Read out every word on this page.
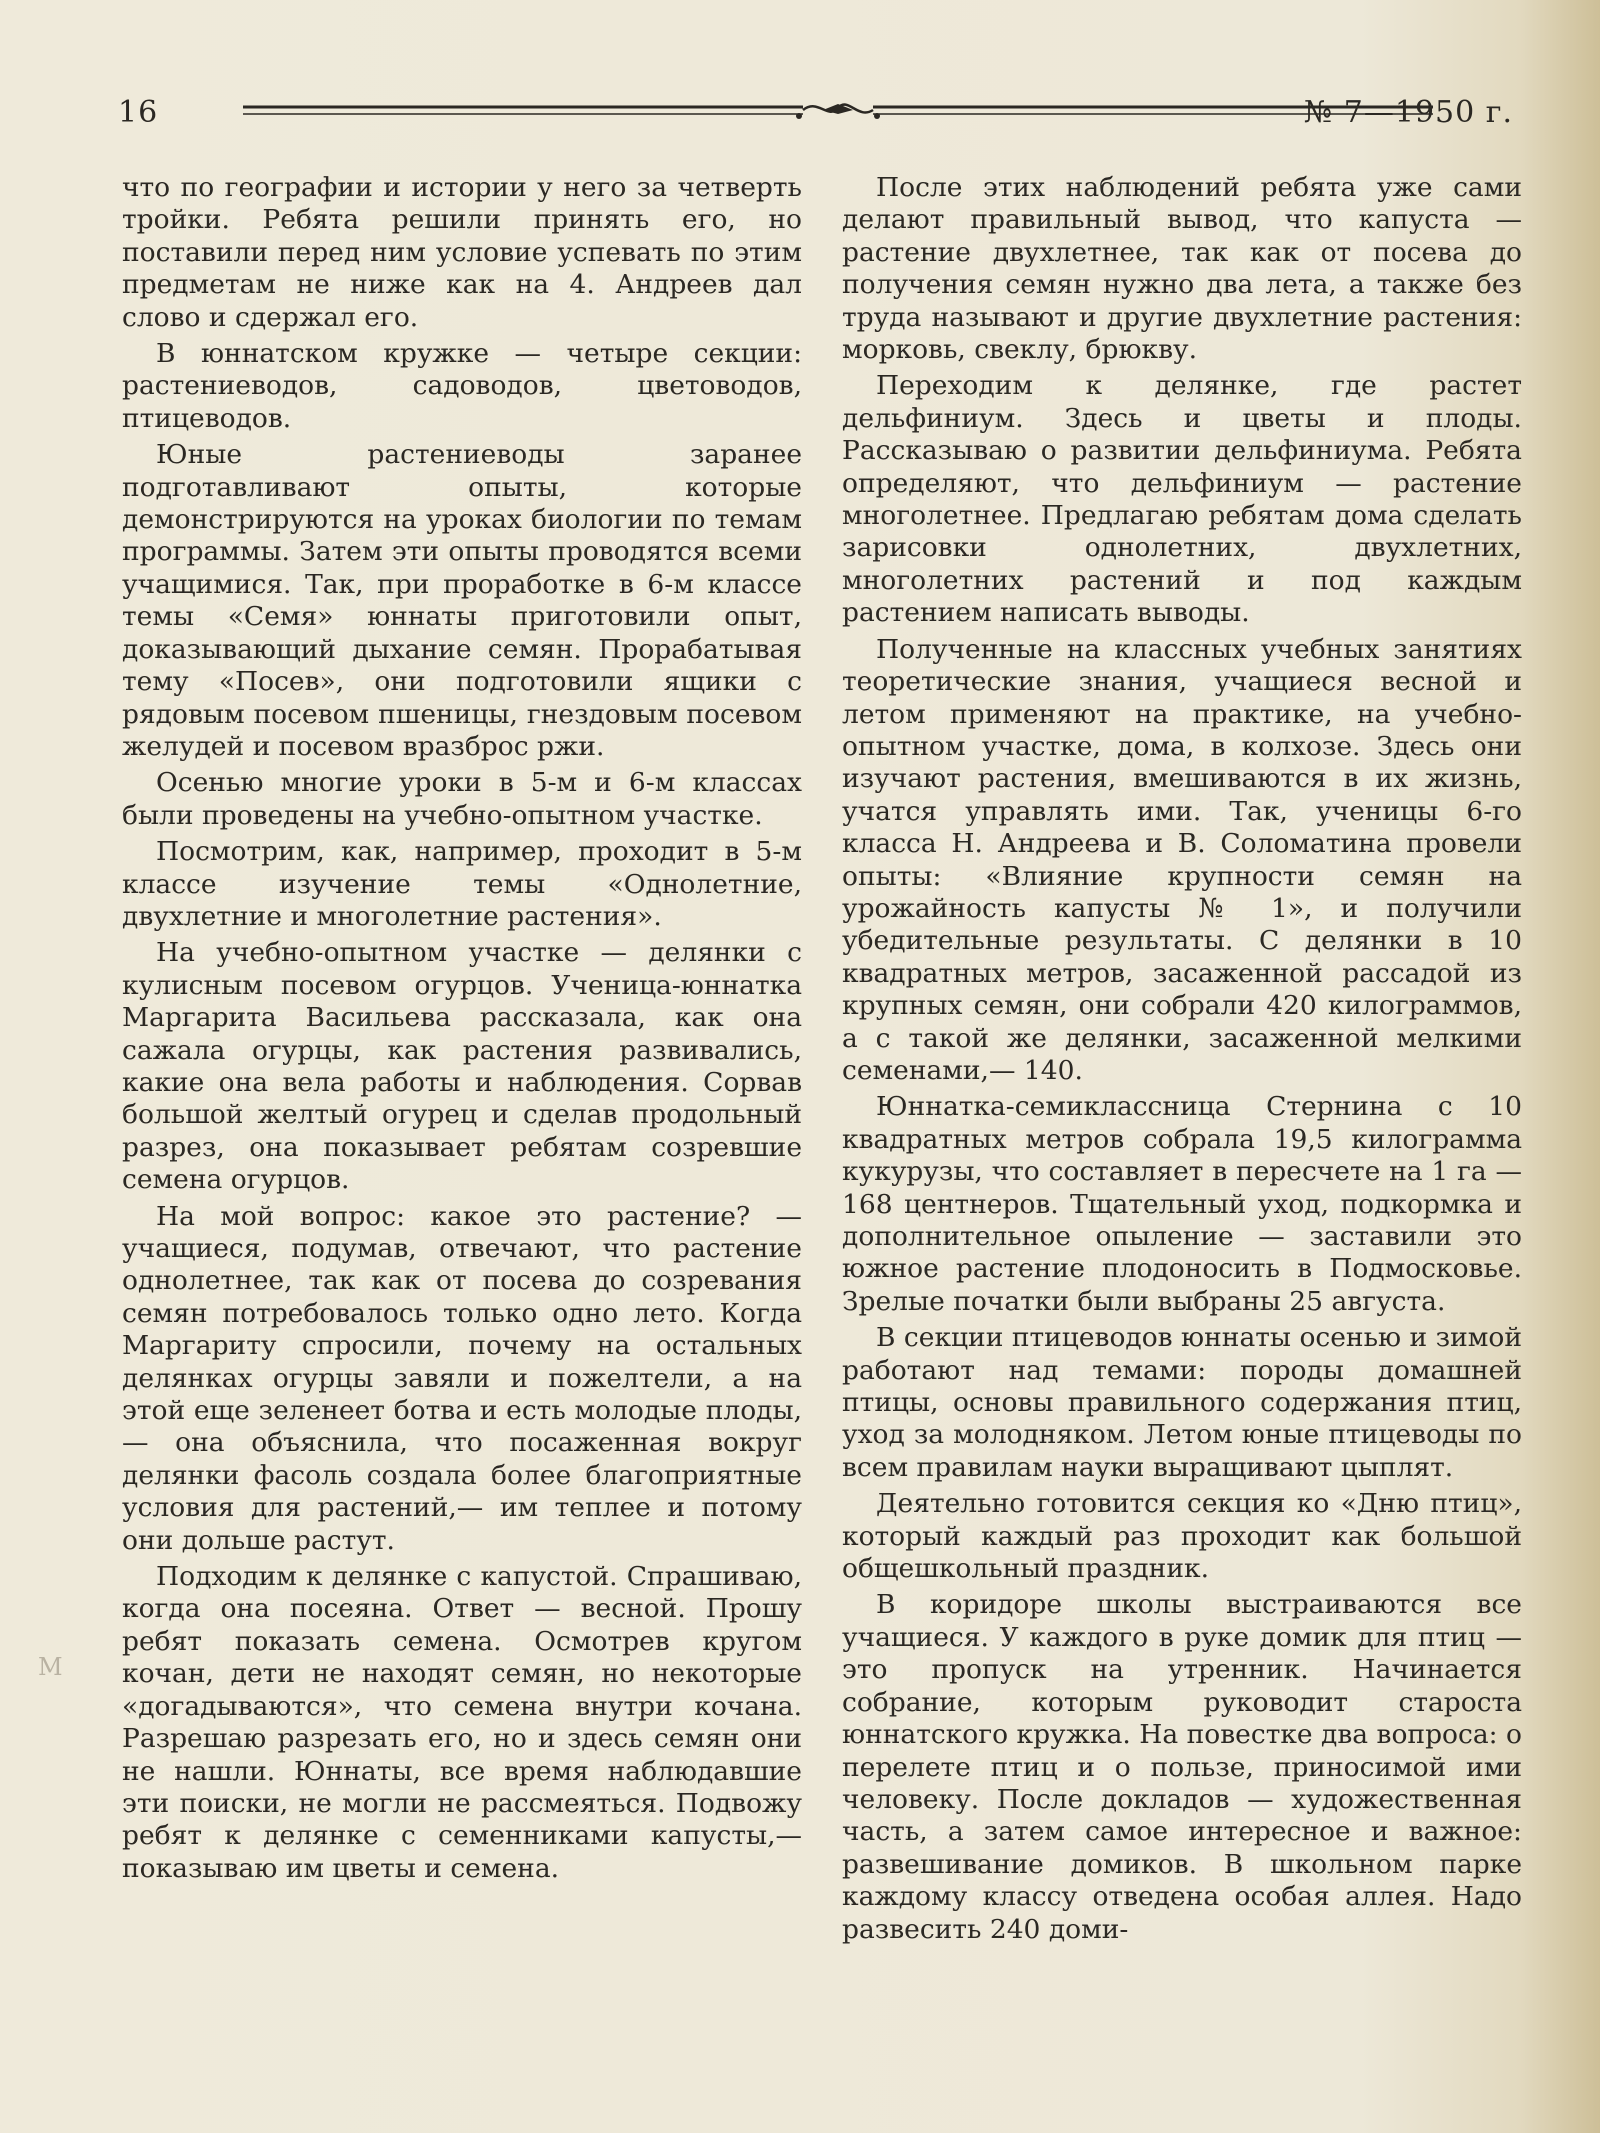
16	№ 7—1950 г.

что по географии и истории у него за четверть тройки. Ребята решили принять его, но поставили перед ним условие успевать по этим предметам не ниже как на 4. Андреев дал слово и сдержал его.

В юннатском кружке — четыре секции: растениеводов, садоводов, цветоводов, птицеводов.

Юные растениеводы заранее подготавливают опыты, которые демонстрируются на уроках биологии по темам программы. Затем эти опыты проводятся всеми учащимися. Так, при проработке в 6-м классе темы «Семя» юннаты приготовили опыт, доказывающий дыхание семян. Прорабатывая тему «Посев», они подготовили ящики с рядовым посевом пшеницы, гнездовым посевом желудей и посевом вразброс ржи.

Осенью многие уроки в 5-м и 6-м классах были проведены на учебно-опытном участке.

Посмотрим, как, например, проходит в 5-м классе изучение темы «Однолетние, двухлетние и многолетние растения».

На учебно-опытном участке — делянки с кулисным посевом огурцов. Ученица-юннатка Маргарита Васильева рассказала, как она сажала огурцы, как растения развивались, какие она вела работы и наблюдения. Сорвав большой желтый огурец и сделав продольный разрез, она показывает ребятам созревшие семена огурцов.

На мой вопрос: какое это растение? — учащиеся, подумав, отвечают, что растение однолетнее, так как от посева до созревания семян потребовалось только одно лето. Когда Маргариту спросили, почему на остальных делянках огурцы завяли и пожелтели, а на этой еще зеленеет ботва и есть молодые плоды,— она объяснила, что посаженная вокруг делянки фасоль создала более благоприятные условия для растений,— им теплее и потому они дольше растут.

Подходим к делянке с капустой. Спрашиваю, когда она посеяна. Ответ — весной. Прошу ребят показать семена. Осмотрев кругом кочан, дети не находят семян, но некоторые «догадываются», что семена внутри кочана. Разрешаю разрезать его, но и здесь семян они не нашли. Юннаты, все время наблюдавшие эти поиски, не могли не рассмеяться. Подвожу ребят к делянке с семенниками капусты,— показываю им цветы и семена.

После этих наблюдений ребята уже сами делают правильный вывод, что капуста — растение двухлетнее, так как от посева до получения семян нужно два лета, а также без труда называют и другие двухлетние растения: морковь, свеклу, брюкву.

Переходим к делянке, где растет дельфиниум. Здесь и цветы и плоды. Рассказываю о развитии дельфиниума. Ребята определяют, что дельфиниум — растение многолетнее. Предлагаю ребятам дома сделать зарисовки однолетних, двухлетних, многолетних растений и под каждым растением написать выводы.

Полученные на классных учебных занятиях теоретические знания, учащиеся весной и летом применяют на практике, на учебно-опытном участке, дома, в колхозе. Здесь они изучают растения, вмешиваются в их жизнь, учатся управлять ими. Так, ученицы 6-го класса Н. Андреева и В. Соломатина провели опыты: «Влияние крупности семян на урожайность капусты № 1», и получили убедительные результаты. С делянки в 10 квадратных метров, засаженной рассадой из крупных семян, они собрали 420 килограммов, а с такой же делянки, засаженной мелкими семенами,— 140.

Юннатка-семиклассница Стернина с 10 квадратных метров собрала 19,5 килограмма кукурузы, что составляет в пересчете на 1 га — 168 центнеров. Тщательный уход, подкормка и дополнительное опыление — заставили это южное растение плодоносить в Подмосковье. Зрелые початки были выбраны 25 августа.

В секции птицеводов юннаты осенью и зимой работают над темами: породы домашней птицы, основы правильного содержания птиц, уход за молодняком. Летом юные птицеводы по всем правилам науки выращивают цыплят.

Деятельно готовится секция ко «Дню птиц», который каждый раз проходит как большой общешкольный праздник.

В коридоре школы выстраиваются все учащиеся. У каждого в руке домик для птиц — это пропуск на утренник. Начинается собрание, которым руководит староста юннатского кружка. На повестке два вопроса: о перелете птиц и о пользе, приносимой ими человеку. После докладов — художественная часть, а затем самое интересное и важное: развешивание домиков. В школьном парке каждому классу отведена особая аллея. Надо развесить 240 доми-

M
